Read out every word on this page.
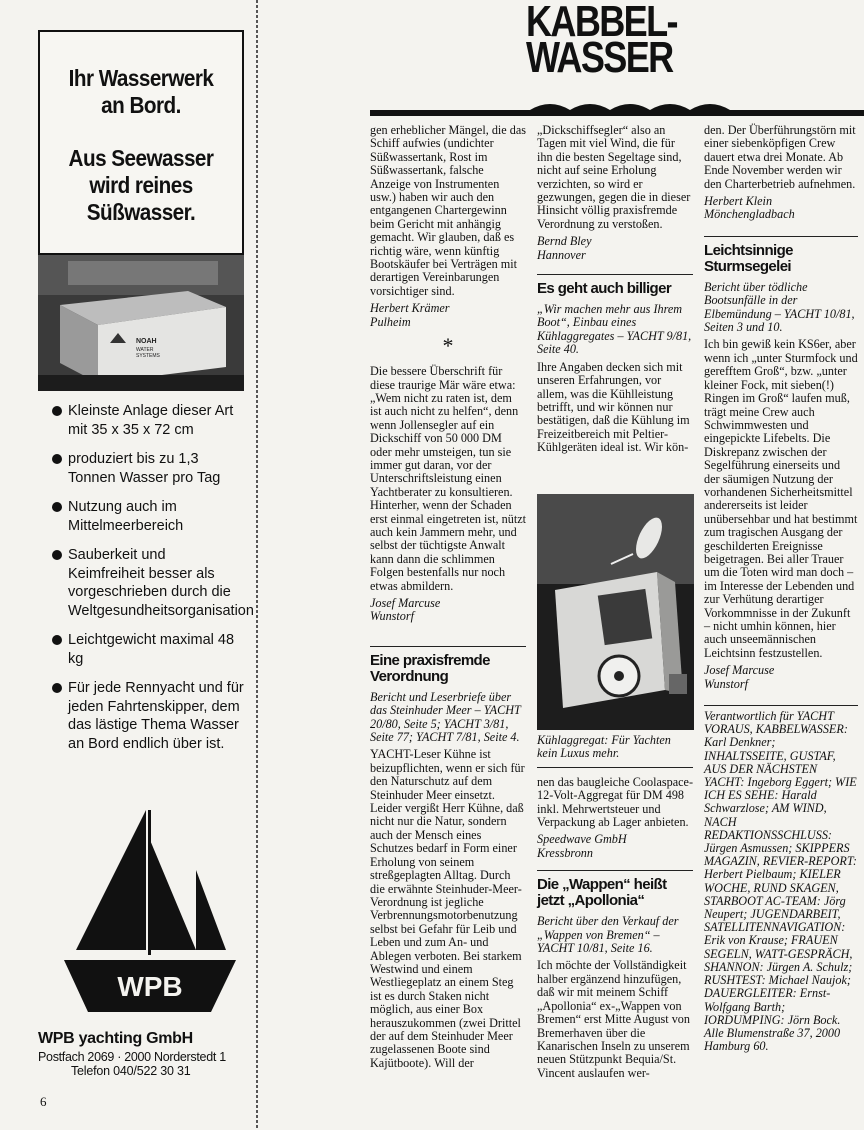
Ihr Wasserwerk
an Bord.
Aus Seewasser
wird reines
Süßwasser.
NOAH
WATER
SYSTEMS
Kleinste Anlage dieser Art mit 35 x 35 x 72 cm
produziert bis zu 1,3 Tonnen Wasser pro Tag
Nutzung auch im Mittelmeerbereich
Sauberkeit und Keimfreiheit besser als vorgeschrieben durch die Weltgesundheitsorganisation
Leichtgewicht maximal 48 kg
Für jede Rennyacht und für jeden Fahrtenskipper, dem das lästige Thema Wasser an Bord endlich über ist.
WPB
WPB yachting GmbH
Postfach 2069 · 2000 Norderstedt 1
Telefon 040/522 30 31
6
KABBEL-
WASSER

gen erheblicher Mängel, die das Schiff aufwies (undichter Süßwassertank, Rost im Süßwassertank, falsche Anzeige von Instrumenten usw.) haben wir auch den entgangenen Chartergewinn beim Gericht mit anhängig gemacht. Wir glauben, daß es richtig wäre, wenn künftig Bootskäufer bei Verträgen mit derartigen Vereinbarungen vorsichtiger sind.

Herbert Krämer
Pulheim
*

Die bessere Überschrift für diese traurige Mär wäre etwa: „Wem nicht zu raten ist, dem ist auch nicht zu helfen“, denn wenn Jollensegler auf ein Dickschiff von 50 000 DM oder mehr umsteigen, tun sie immer gut daran, vor der Unterschriftsleistung einen Yachtberater zu konsultieren. Hinterher, wenn der Schaden erst einmal eingetreten ist, nützt auch kein Jammern mehr, und selbst der tüchtigste Anwalt kann dann die schlimmen Folgen bestenfalls nur noch etwas abmildern.

Josef Marcuse
Wunstorf
Eine praxisfremde Verordnung

Bericht und Leserbriefe über das Steinhuder Meer – YACHT 20/80, Seite 5; YACHT 3/81, Seite 77; YACHT 7/81, Seite 4.

YACHT-Leser Kühne ist beizupflichten, wenn er sich für den Naturschutz auf dem Steinhuder Meer einsetzt. Leider vergißt Herr Kühne, daß nicht nur die Natur, sondern auch der Mensch eines Schutzes bedarf in Form einer Erholung von seinem streßgeplagten Alltag. Durch die erwähnte Steinhuder-Meer-Verordnung ist jegliche Verbrennungsmotorbenutzung selbst bei Gefahr für Leib und Leben und zum An- und Ablegen verboten. Bei starkem Westwind und einem Westliegeplatz an einem Steg ist es durch Staken nicht möglich, aus einer Box herauszukommen (zwei Drittel der auf dem Steinhuder Meer zugelassenen Boote sind Kajütboote). Will der

„Dickschiffsegler“ also an Tagen mit viel Wind, die für ihn die besten Segeltage sind, nicht auf seine Erholung verzichten, so wird er gezwungen, gegen die in dieser Hinsicht völlig praxisfremde Verordnung zu verstoßen.

Bernd Bley
Hannover
Es geht auch billiger

„Wir machen mehr aus Ihrem Boot“, Einbau eines Kühlaggregates – YACHT 9/81, Seite 40.

Ihre Angaben decken sich mit unseren Erfahrungen, vor allem, was die Kühlleistung betrifft, und wir können nur bestätigen, daß die Kühlung im Freizeitbereich mit Peltier-Kühlgeräten ideal ist. Wir kön-

Kühlaggregat: Für Yachten kein Luxus mehr.

nen das baugleiche Coolaspace-12-Volt-Aggregat für DM 498 inkl. Mehrwertsteuer und Verpackung ab Lager anbieten.

Speedwave GmbH
Kressbronn
Die „Wappen“ heißt jetzt „Apollonia“

Bericht über den Verkauf der „Wappen von Bremen“ – YACHT 10/81, Seite 16.

Ich möchte der Vollständigkeit halber ergänzend hinzufügen, daß wir mit meinem Schiff „Apollonia“ ex-„Wappen von Bremen“ erst Mitte August von Bremerhaven über die Kanarischen Inseln zu unserem neuen Stützpunkt Bequia/St. Vincent auslaufen wer-

den. Der Überführungstörn mit einer siebenköpfigen Crew dauert etwa drei Monate. Ab Ende November werden wir den Charterbetrieb aufnehmen.

Herbert Klein
Mönchengladbach
Leichtsinnige Sturmsegelei

Bericht über tödliche Bootsunfälle in der Elbemündung – YACHT 10/81, Seiten 3 und 10.

Ich bin gewiß kein KS6er, aber wenn ich „unter Sturmfock und gerefftem Groß“, bzw. „unter kleiner Fock, mit sieben(!) Ringen im Groß“ laufen muß, trägt meine Crew auch Schwimmwesten und eingepickte Lifebelts. Die Diskrepanz zwischen der Segelführung einerseits und der säumigen Nutzung der vorhandenen Sicherheitsmittel andererseits ist leider unübersehbar und hat bestimmt zum tragischen Ausgang der geschilderten Ereignisse beigetragen. Bei aller Trauer um die Toten wird man doch – im Interesse der Lebenden und zur Verhütung derartiger Vorkommnisse in der Zukunft – nicht umhin können, hier auch unseemännischen Leichtsinn festzustellen.

Josef Marcuse
Wunstorf

Verantwortlich für YACHT VORAUS, KABBELWASSER: Karl Denkner; INHALTSSEITE, GUSTAF, AUS DER NÄCHSTEN YACHT: Ingeborg Eggert; WIE ICH ES SEHE: Harald Schwarzlose; AM WIND, NACH REDAKTIONSSCHLUSS: Jürgen Asmussen; SKIPPERS MAGAZIN, REVIER-REPORT: Herbert Pielbaum; KIELER WOCHE, RUND SKAGEN, STARBOOT AC-TEAM: Jörg Neupert; JUGENDARBEIT, SATELLITENNAVIGATION: Erik von Krause; FRAUEN SEGELN, WATT-GESPRÄCH, SHANNON: Jürgen A. Schulz; RUSHTEST: Michael Naujok; DAUERGLEITER: Ernst-Wolfgang Barth; IORDUMPING: Jörn Bock. Alle Blumenstraße 37, 2000 Hamburg 60.
